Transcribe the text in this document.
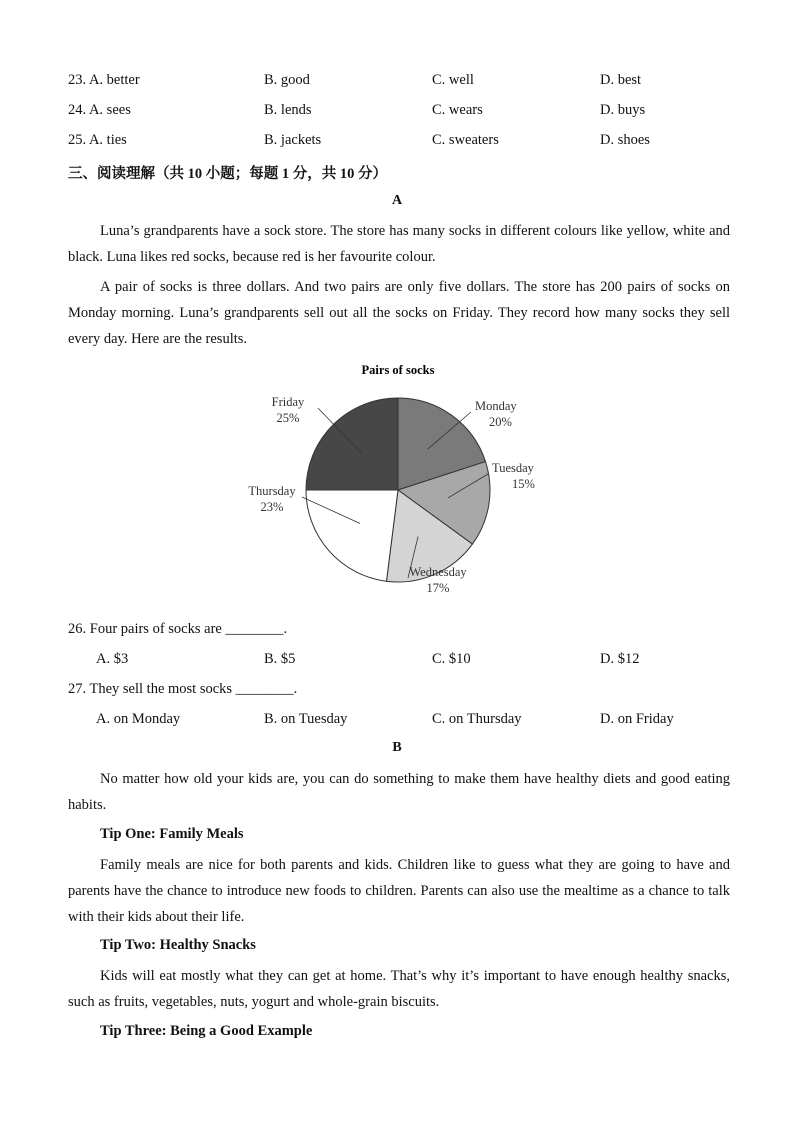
23. A. better	B. good	C. well	D. best
24. A. sees	B. lends	C. wears	D. buys
25. A. ties	B. jackets	C. sweaters	D. shoes
三、阅读理解（共 10 小题；每题 1 分，共 10 分）
A

Luna’s grandparents have a sock store. The store has many socks in different colours like yellow, white and black. Luna likes red socks, because red is her favourite colour.

A pair of socks is three dollars. And two pairs are only five dollars. The store has 200 pairs of socks on Monday morning. Luna’s grandparents sell out all the socks on Friday. They record how many socks they sell every day. Here are the results.

Pairs of socks
Monday
20%
Tuesday
15%
Wednesday
17%
Thursday
23%
Friday
25%
26. Four pairs of socks are ________.
A. $3	B. $5	C. $10	D. $12
27. They sell the most socks ________.
A. on Monday	B. on Tuesday	C. on Thursday	D. on Friday
B

No matter how old your kids are, you can do something to make them have healthy diets and good eating habits.

Tip One: Family Meals

Family meals are nice for both parents and kids. Children like to guess what they are going to have and parents have the chance to introduce new foods to children. Parents can also use the mealtime as a chance to talk with their kids about their life.

Tip Two: Healthy Snacks

Kids will eat mostly what they can get at home. That’s why it’s important to have enough healthy snacks, such as fruits, vegetables, nuts, yogurt and whole-grain biscuits.

Tip Three: Being a Good Example
